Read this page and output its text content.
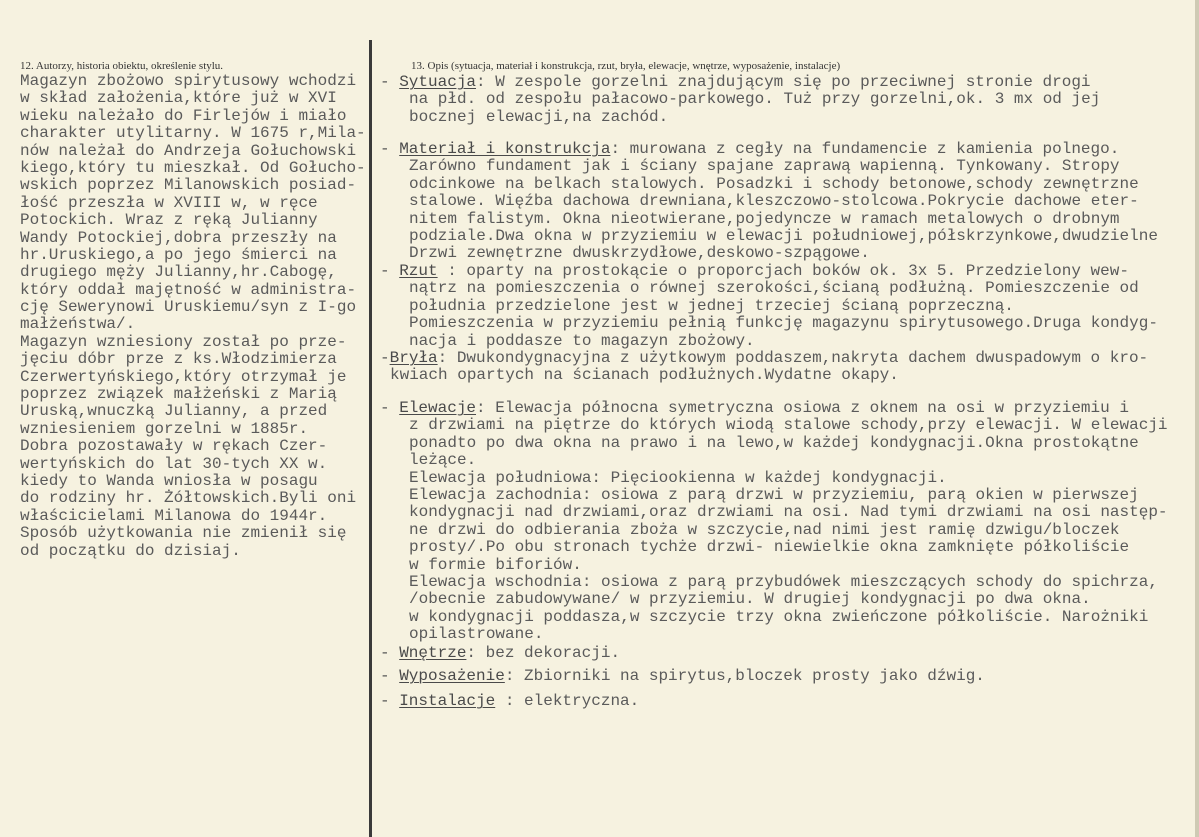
12. Autorzy, historia obiektu, określenie stylu.
Magazyn zbożowo spirytusowy wchodzi
w skład założenia,które już w XVI
wieku należało do Firlejów i miało
charakter utylitarny. W 1675 r,Mila-
nów należał do Andrzeja Gołuchowski
kiego,który tu mieszkał. Od Gołucho-
wskich poprzez Milanowskich posiad-
łość przeszła w XVIII w, w ręce
Potockich. Wraz z ręką Julianny
Wandy Potockiej,dobra przeszły na
hr.Uruskiego,a po jego śmierci na
drugiego męży Julianny,hr.Cabogę,
który oddał majętność w administra-
cję Sewerynowi Uruskiemu/syn z I-go
małżeństwa/.
Magazyn wzniesiony został po prze-
jęciu dóbr prze z ks.Włodzimierza
Czerwertyńskiego,który otrzymał je
poprzez związek małżeński z Marią
Uruską,wnuczką Julianny, a przed
wzniesieniem gorzelni w 1885r.
Dobra pozostawały w rękach Czer-
wertyńskich do lat 30-tych XX w.
kiedy to Wanda wniosła w posagu
do rodziny hr. Żółtowskich.Byli oni
właścicielami Milanowa do 1944r.
Sposób użytkowania nie zmienił się
od początku do dzisiaj.
13. Opis (sytuacja, materiał i konstrukcja, rzut, bryła, elewacje, wnętrze, wyposażenie, instalacje)
- Sytuacja: W zespole gorzelni znajdującym się po przeciwnej stronie drogi
na płd. od zespołu pałacowo-parkowego. Tuż przy gorzelni,ok. 3 mx od jej
bocznej elewacji,na zachód.
- Materiał i konstrukcja: murowana z cegły na fundamencie z kamienia polnego.
Zarówno fundament jak i ściany spajane zaprawą wapienną. Tynkowany. Stropy
odcinkowe na belkach stalowych. Posadzki i schody betonowe,schody zewnętrzne
stalowe. Więźba dachowa drewniana,kleszczowo-stolcowa.Pokrycie dachowe eter-
nitem falistym. Okna nieotwierane,pojedyncze w ramach metalowych o drobnym
podziale.Dwa okna w przyziemiu w elewacji południowej,półskrzynkowe,dwudzielne
Drzwi zewnętrzne dwuskrzydłowe,deskowo-szpągowe.
- Rzut : oparty na prostokącie o proporcjach boków ok. 3x 5. Przedzielony wew-
nątrz na pomieszczenia o równej szerokości,ścianą podłużną. Pomieszczenie od
południa przedzielone jest w jednej trzeciej ścianą poprzeczną.
Pomieszczenia w przyziemiu pełnią funkcję magazynu spirytusowego.Druga kondyg-
nacja i poddasze to magazyn zbożowy.
-Bryła: Dwukondygnacyjna z użytkowym poddaszem,nakryta dachem dwuspadowym o kro-
kwiach opartych na ścianach podłużnych.Wydatne okapy.
- Elewacje: Elewacja północna symetryczna osiowa z oknem na osi w przyziemiu i
z drzwiami na piętrze do których wiodą stalowe schody,przy elewacji. W elewacji
ponadto po dwa okna na prawo i na lewo,w każdej kondygnacji.Okna prostokątne
leżące.
Elewacja południowa: Pięciookienna w każdej kondygnacji.
Elewacja zachodnia: osiowa z parą drzwi w przyziemiu, parą okien w pierwszej
kondygnacji nad drzwiami,oraz drzwiami na osi. Nad tymi drzwiami na osi następ-
ne drzwi do odbierania zboża w szczycie,nad nimi jest ramię dzwigu/bloczek
prosty/.Po obu stronach tychże drzwi- niewielkie okna zamknięte półkoliście
w formie biforiów.
Elewacja wschodnia: osiowa z parą przybudówek mieszczących schody do spichrza,
/obecnie zabudowywane/ w przyziemiu. W drugiej kondygnacji po dwa okna.
w kondygnacji poddasza,w szczycie trzy okna zwieńczone półkoliście. Narożniki
opilastrowane.
- Wnętrze: bez dekoracji.
- Wyposażenie: Zbiorniki na spirytus,bloczek prosty jako dźwig.
- Instalacje : elektryczna.
